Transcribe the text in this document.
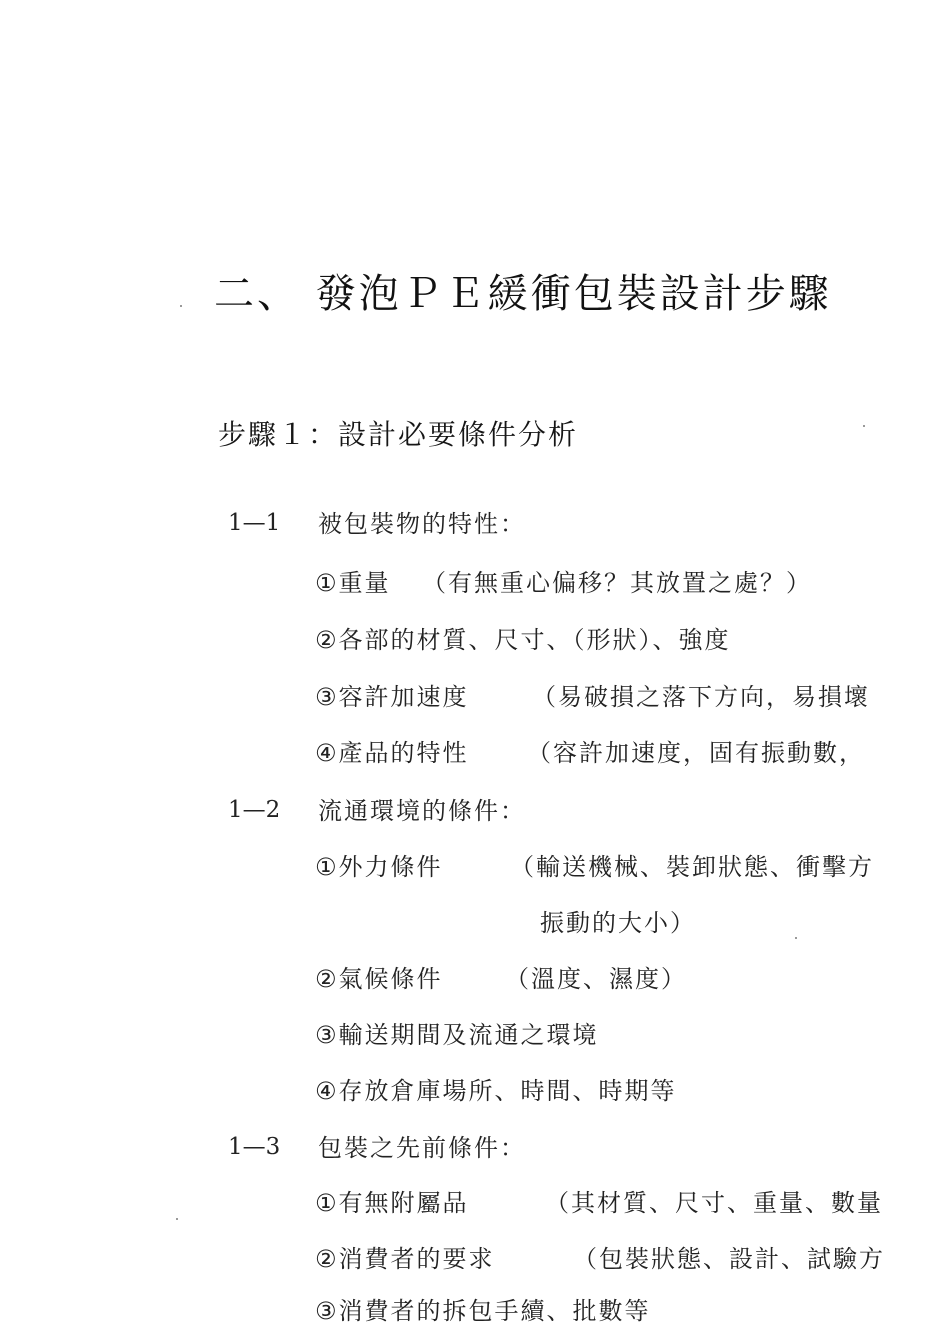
二、 發泡ＰＥ緩衝包裝設計步驟
步驟１：設計必要條件分析
1—1 被包裝物的特性：
①重量 （有無重心偏移？其放置之處？）
②各部的材質、尺寸、（形狀）、強度
③容許加速度	（易破損之落下方向，易損壞
④產品的特性 （容許加速度，固有振動數，
1—2 流通環境的條件：
①外力條件	（輸送機械、裝卸狀態、衝擊方
振動的大小）
②氣候條件	（溫度、濕度）
③輸送期間及流通之環境
④存放倉庫場所、時間、時期等
1—3 包裝之先前條件：
①有無附屬品	（其材質、尺寸、重量、數量
②消費者的要求	（包裝狀態、設計、試驗方
③消費者的拆包手續、批數等
